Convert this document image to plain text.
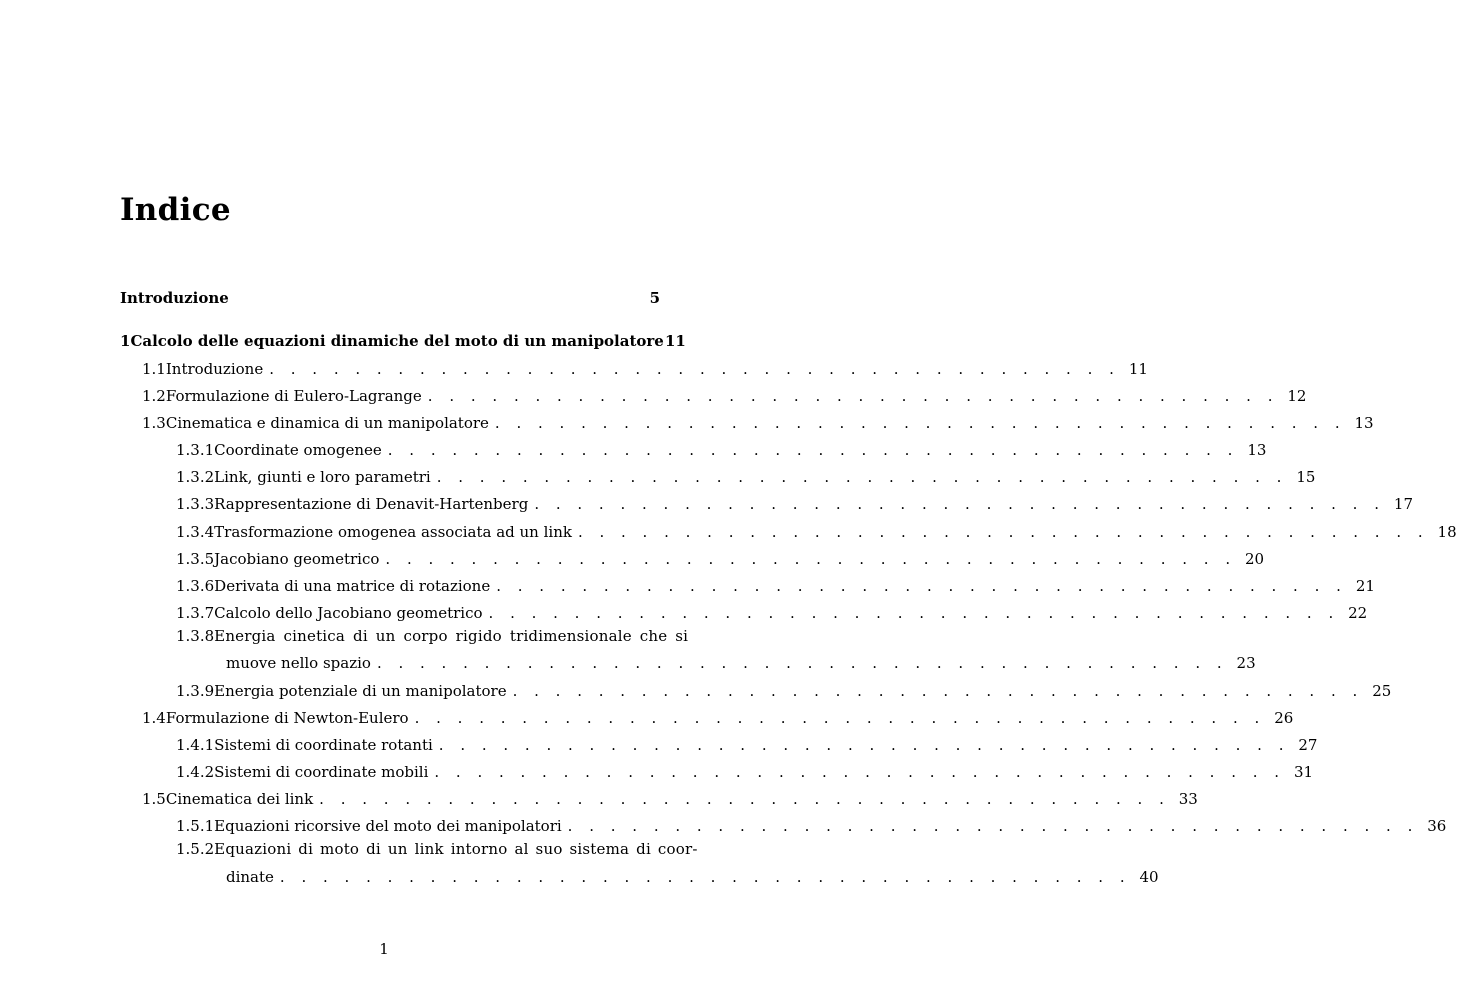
Indice
Introduzione	5
1 Calcolo delle equazioni dinamiche del moto di un manipolatore 11
1.1 Introduzione . . . . . . . . . . . . . . . . . . . . . . . . . . . . . . . . . . . . . . . . 11
1.2 Formulazione di Eulero-Lagrange . . . . . . . . . . . . . . . . . . . . . . . . . . . . . . . . . . . . . . . . 12
1.3 Cinematica e dinamica di un manipolatore . . . . . . . . . . . . . . . . . . . . . . . . . . . . . . . . . . . . . . . . 13
1.3.1 Coordinate omogenee . . . . . . . . . . . . . . . . . . . . . . . . . . . . . . . . . . . . . . . . 13
1.3.2 Link, giunti e loro parametri . . . . . . . . . . . . . . . . . . . . . . . . . . . . . . . . . . . . . . . . 15
1.3.3 Rappresentazione di Denavit-Hartenberg . . . . . . . . . . . . . . . . . . . . . . . . . . . . . . . . . . . . . . . . 17
1.3.4 Trasformazione omogenea associata ad un link . . . . . . . . . . . . . . . . . . . . . . . . . . . . . . . . . . . . . . . . 18
1.3.5 Jacobiano geometrico . . . . . . . . . . . . . . . . . . . . . . . . . . . . . . . . . . . . . . . . 20
1.3.6 Derivata di una matrice di rotazione . . . . . . . . . . . . . . . . . . . . . . . . . . . . . . . . . . . . . . . . 21
1.3.7 Calcolo dello Jacobiano geometrico . . . . . . . . . . . . . . . . . . . . . . . . . . . . . . . . . . . . . . . . 22
1.3.8 Energia cinetica di un corpo rigido tridimensionale che si
muove nello spazio . . . . . . . . . . . . . . . . . . . . . . . . . . . . . . . . . . . . . . . . 23
1.3.9 Energia potenziale di un manipolatore . . . . . . . . . . . . . . . . . . . . . . . . . . . . . . . . . . . . . . . . 25
1.4 Formulazione di Newton-Eulero . . . . . . . . . . . . . . . . . . . . . . . . . . . . . . . . . . . . . . . . 26
1.4.1 Sistemi di coordinate rotanti . . . . . . . . . . . . . . . . . . . . . . . . . . . . . . . . . . . . . . . . 27
1.4.2 Sistemi di coordinate mobili . . . . . . . . . . . . . . . . . . . . . . . . . . . . . . . . . . . . . . . . 31
1.5 Cinematica dei link . . . . . . . . . . . . . . . . . . . . . . . . . . . . . . . . . . . . . . . . 33
1.5.1 Equazioni ricorsive del moto dei manipolatori . . . . . . . . . . . . . . . . . . . . . . . . . . . . . . . . . . . . . . . . 36
1.5.2 Equazioni di moto di un link intorno al suo sistema di coor-
1
dinate . . . . . . . . . . . . . . . . . . . . . . . . . . . . . . . . . . . . . . . . 40
